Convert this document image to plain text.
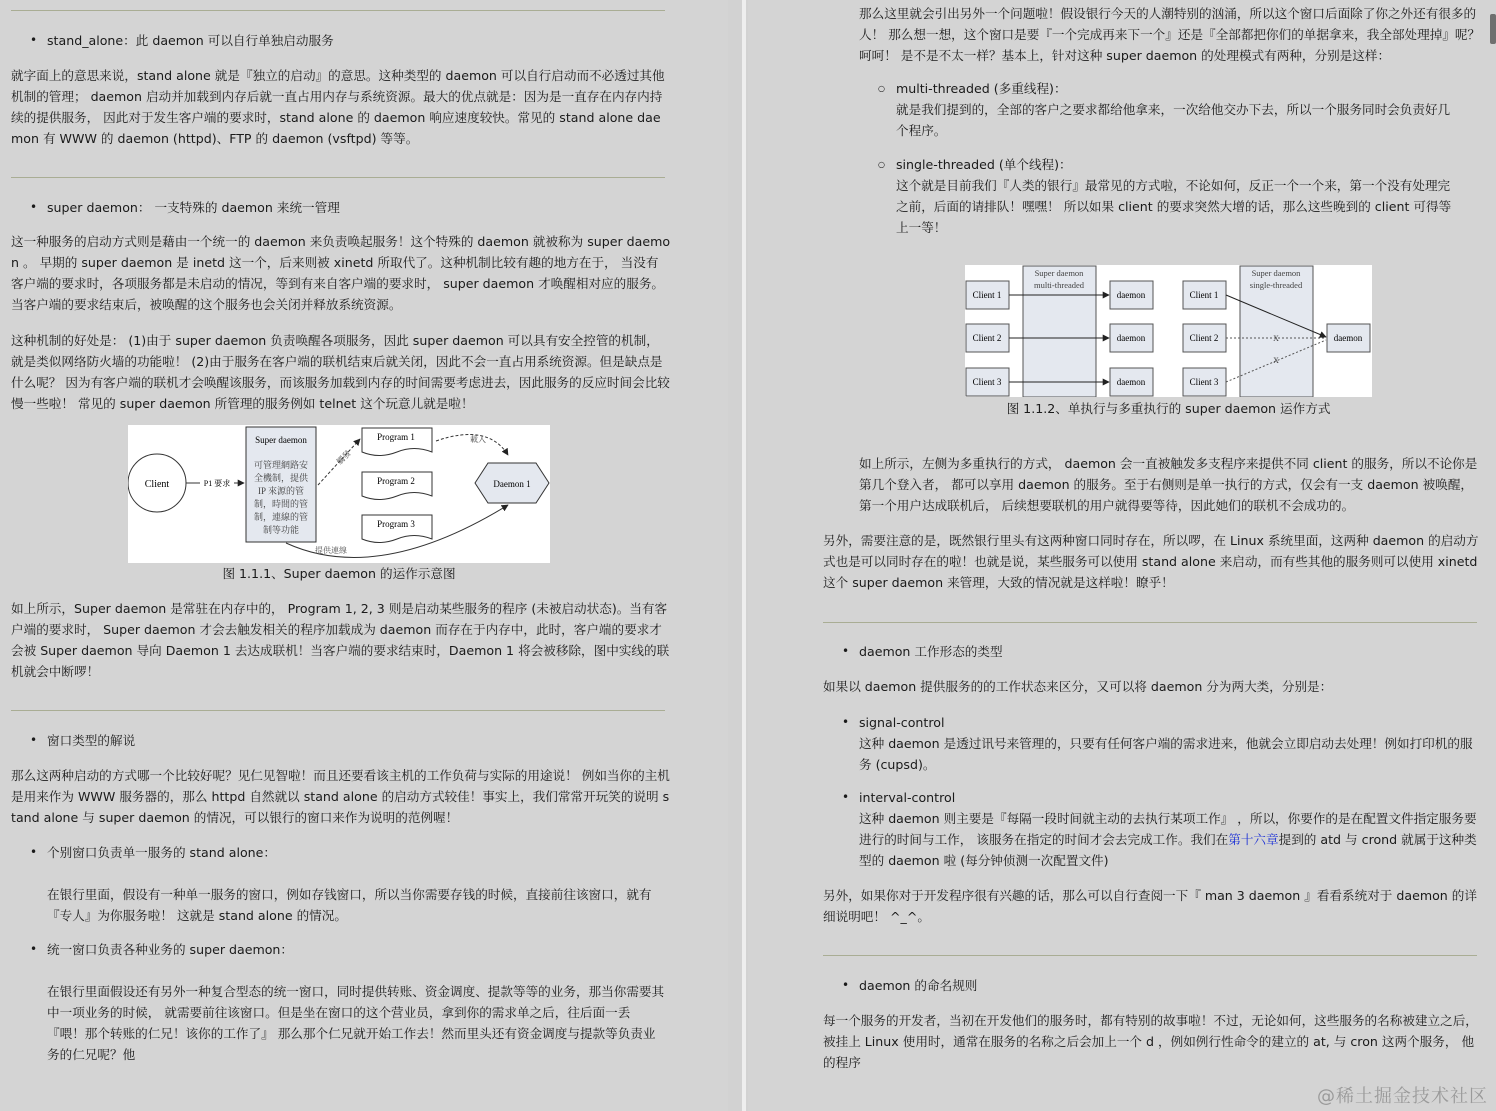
• stand_alone：此 daemon 可以自行单独启动服务

就字面上的意思来说，stand alone 就是『独立的启动』的意思。这种类型的 daemon 可以自行启动而不必透过其他机制的管理； daemon 启动并加载到内存后就一直占用内存与系统资源。最大的优点就是：因为是一直存在内存内持续的提供服务， 因此对于发生客户端的要求时，stand alone 的 daemon 响应速度较快。常见的 stand alone daemon 有 WWW 的 daemon (httpd)、FTP 的 daemon (vsftpd) 等等。

• super daemon： 一支特殊的 daemon 来统一管理

这一种服务的启动方式则是藉由一个统一的 daemon 来负责唤起服务！这个特殊的 daemon 就被称为 super daemon 。 早期的 super daemon 是 inetd 这一个，后来则被 xinetd 所取代了。这种机制比较有趣的地方在于， 当没有客户端的要求时，各项服务都是未启动的情况，等到有来自客户端的要求时， super daemon 才唤醒相对应的服务。当客户端的要求结束后，被唤醒的这个服务也会关闭并释放系统资源。

这种机制的好处是： (1)由于 super daemon 负责唤醒各项服务，因此 super daemon 可以具有安全控管的机制，就是类似网络防火墙的功能啦！ (2)由于服务在客户端的联机结束后就关闭，因此不会一直占用系统资源。但是缺点是什么呢？ 因为有客户端的联机才会唤醒该服务，而该服务加载到内存的时间需要考虑进去，因此服务的反应时间会比较慢一些啦！ 常见的 super daemon 所管理的服务例如 telnet 这个玩意儿就是啦！

Client	P1 要求
Super daemon
可管理網路安
全機制，提供
IP 來源的管
制，時間的管
制，連線的管
制等功能
觸發
Program 1
Program 2
Program 3
載入
Daemon 1
提供連線
图 1.1.1、Super daemon 的运作示意图

如上所示，Super daemon 是常驻在内存中的， Program 1, 2, 3 则是启动某些服务的程序 (未被启动状态)。当有客户端的要求时， Super daemon 才会去触发相关的程序加载成为 daemon 而存在于内存中，此时，客户端的要求才会被 Super daemon 导向 Daemon 1 去达成联机！当客户端的要求结束时，Daemon 1 将会被移除，图中实线的联机就会中断啰！

• 窗口类型的解说

那么这两种启动的方式哪一个比较好呢？见仁见智啦！而且还要看该主机的工作负荷与实际的用途说！ 例如当你的主机是用来作为 WWW 服务器的，那么 httpd 自然就以 stand alone 的启动方式较佳！事实上，我们常常开玩笑的说明 stand alone 与 super daemon 的情况，可以银行的窗口来作为说明的范例喔！

• 个别窗口负责单一服务的 stand alone：

在银行里面，假设有一种单一服务的窗口，例如存钱窗口，所以当你需要存钱的时候，直接前往该窗口，就有『专人』为你服务啦！ 这就是 stand alone 的情况。

• 统一窗口负责各种业务的 super daemon：

在银行里面假设还有另外一种复合型态的统一窗口，同时提供转账、资金调度、提款等等的业务，那当你需要其中一项业务的时候， 就需要前往该窗口。但是坐在窗口的这个营业员，拿到你的需求单之后，往后面一丢『喂！那个转账的仁兄！该你的工作了』 那么那个仁兄就开始工作去！然而里头还有资金调度与提款等负责业务的仁兄呢？他

那么这里就会引出另外一个问题啦！假设银行今天的人潮特别的汹涌，所以这个窗口后面除了你之外还有很多的人！ 那么想一想，这个窗口是要『一个完成再来下一个』还是『全部都把你们的单据拿来，我全部处理掉』呢？呵呵！ 是不是不太一样？基本上，针对这种 super daemon 的处理模式有两种，分别是这样：

○ multi-threaded (多重线程)：

就是我们提到的，全部的客户之要求都给他拿来，一次给他交办下去，所以一个服务同时会负责好几个程序。

○ single-threaded (单个线程)：

这个就是目前我们『人类的银行』最常见的方式啦，不论如何，反正一个一个来，第一个没有处理完之前，后面的请排队！嘿嘿！ 所以如果 client 的要求突然大增的话，那么这些晚到的 client 可得等上一等！

Super daemon
multi-threaded
Client 1
Client 2
Client 3
daemon
daemon
daemon
Super daemon
single-threaded
Client 1
Client 2
Client 3
daemon
X
X
图 1.1.2、单执行与多重执行的 super daemon 运作方式

如上所示，左侧为多重执行的方式， daemon 会一直被触发多支程序来提供不同 client 的服务，所以不论你是第几个登入者， 都可以享用 daemon 的服务。至于右侧则是单一执行的方式，仅会有一支 daemon 被唤醒，第一个用户达成联机后， 后续想要联机的用户就得要等待，因此她们的联机不会成功的。

另外，需要注意的是，既然银行里头有这两种窗口同时存在，所以啰，在 Linux 系统里面，这两种 daemon 的启动方式也是可以同时存在的啦！也就是说，某些服务可以使用 stand alone 来启动，而有些其他的服务则可以使用 xinetd 这个 super daemon 来管理，大致的情况就是这样啦！瞭乎！

• daemon 工作形态的类型

如果以 daemon 提供服务的的工作状态来区分，又可以将 daemon 分为两大类，分别是：

• signal-control

这种 daemon 是透过讯号来管理的，只要有任何客户端的需求进来，他就会立即启动去处理！例如打印机的服务 (cupsd)。

• interval-control

这种 daemon 则主要是『每隔一段时间就主动的去执行某项工作』 ，所以，你要作的是在配置文件指定服务要进行的时间与工作， 该服务在指定的时间才会去完成工作。我们在第十六章提到的 atd 与 crond 就属于这种类型的 daemon 啦 (每分钟侦测一次配置文件)

另外，如果你对于开发程序很有兴趣的话，那么可以自行查阅一下『 man 3 daemon 』看看系统对于 daemon 的详细说明吧！ ^_^。

• daemon 的命名规则

每一个服务的开发者，当初在开发他们的服务时，都有特别的故事啦！不过，无论如何，这些服务的名称被建立之后，被挂上 Linux 使用时，通常在服务的名称之后会加上一个 d ，例如例行性命令的建立的 at, 与 cron 这两个服务， 他的程序

@稀土掘金技术社区
